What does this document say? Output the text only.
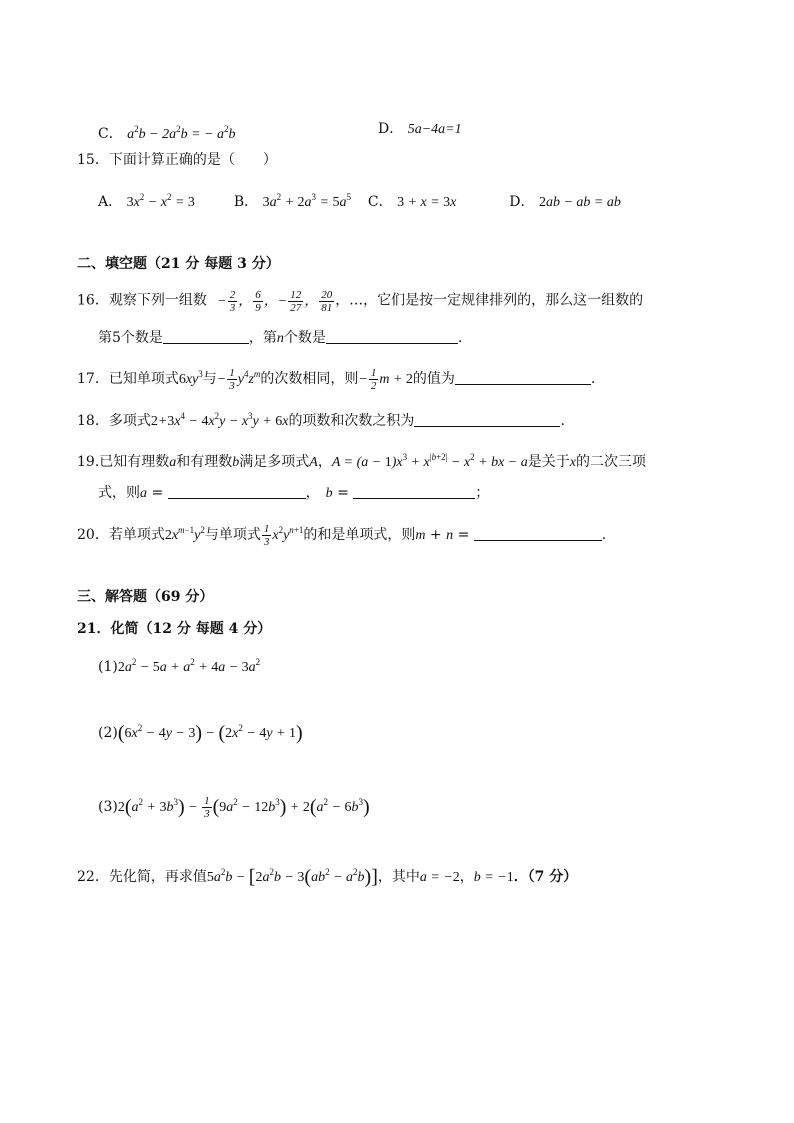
C． $a^2b - 2a^2b$ = − $a^2b$	D． 5a−4a=1
15．下面计算正确的是（　　）
A． $3x^2 - x^2 = 3$	B． $3a^2 + 2a^3 = 5a^5$ C． 3 + x = 3x	D． 2ab − ab = ab
二、填空题（21 分 每题 3 分）
16．观察下列一组数 − $\frac{2}{3}$ ， $\frac{6}{9}$ ，− $\frac{12}{27}$ ， $\frac{20}{81}$ ，…，它们是按一定规律排列的，那么这一组数的
第5个数是	，第n个数是	.
17．已知单项式$6xy^3$与− $\frac{1}{3} y^4z^m$的次数相同，则− $\frac{1}{2}$ m + 2的值为	.
18．多项式$2+3x^4 - 4x^2y - x^3y + 6x$的项数和次数之积为	.
19.已知有理数a和有理数b满足多项式A，$A = (a - 1)x^3 + x^{|b+2|} - x^2$ + bx − a是关于x的二次三项
式，则a =	， b =	；
20．若单项式$2x^{m-1}y^2$与单项式 $\frac{1}{3} x^2y^{n+1}$的和是单项式，则m + n =	.
三、解答题（69 分）
21．化简（12 分 每题 4 分）
$(1)2a^2 - 5a + a^2 + 4a - 3a^2$
$(2)(6x^2 - 4y - 3) - (2x^2 - 4y + 1)$
$(3)2(a^2 + 3b^3) - \frac{1}{3} (9a^2 - 12b^3) + 2(a^2 - 6b^3)$
22．先化简，再求值$5a^2b - [2a^2b - 3(ab^2 - a^2b)]$，其中a = −2，b = −1．（7 分）
